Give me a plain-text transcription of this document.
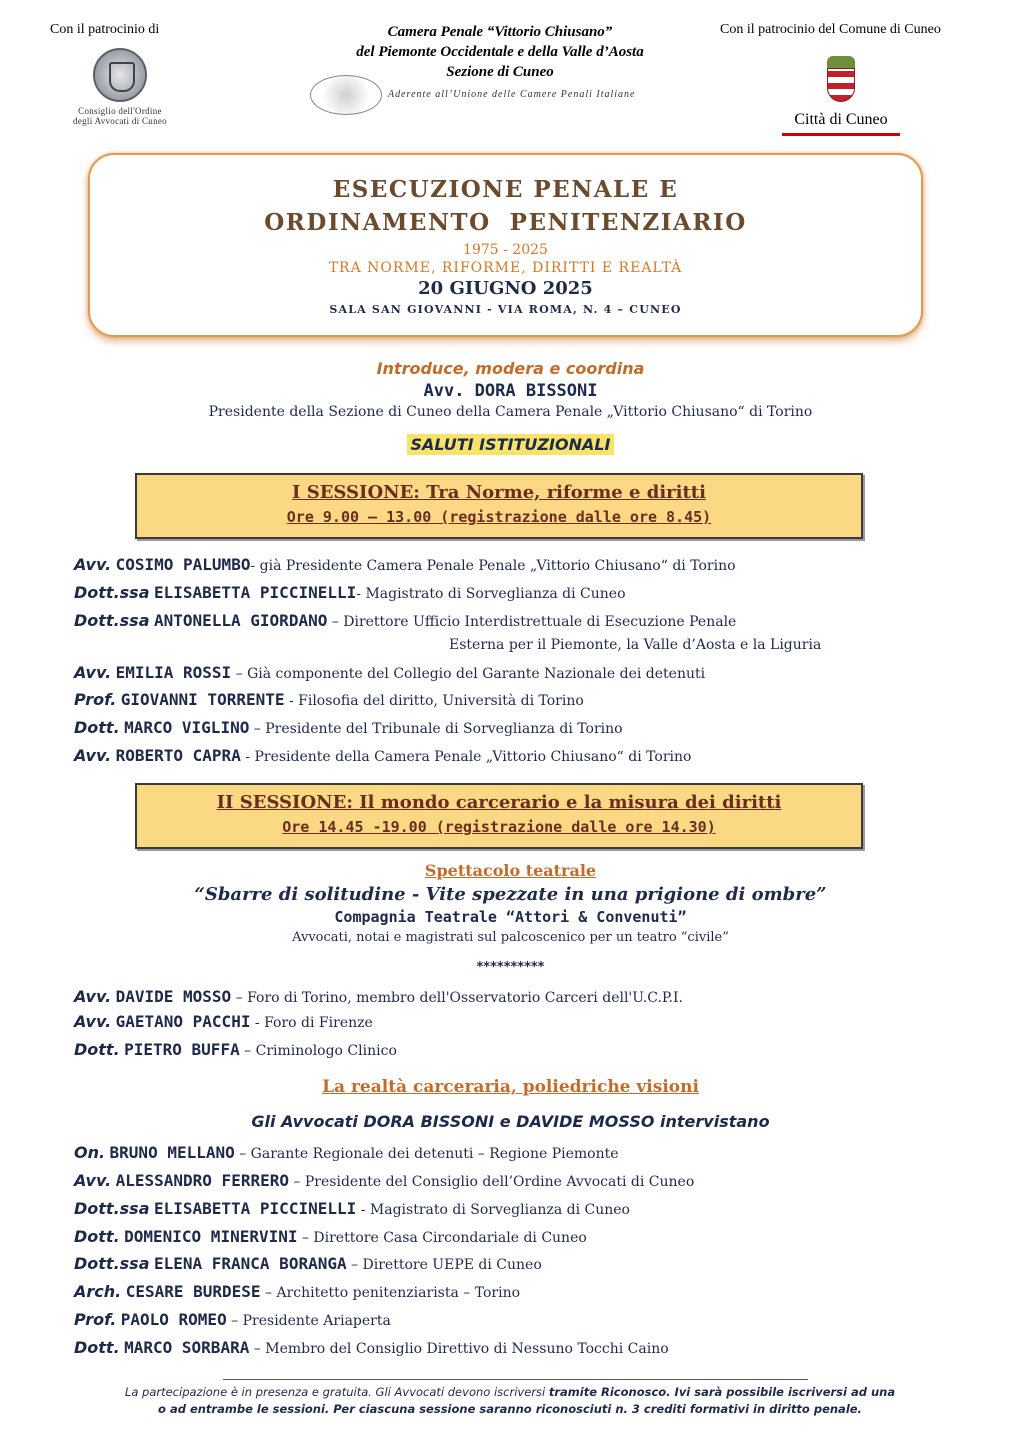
Con il patrocinio di
Consiglio dell'Ordine
degli Avvocati di Cuneo
Camera Penale “Vittorio Chiusano”
del Piemonte Occidentale e della Valle d’Aosta
Sezione di Cuneo
Aderente all’Unione delle Camere Penali Italiane
Con il patrocinio del Comune di Cuneo
Città di Cuneo
ESECUZIONE PENALE E
ORDINAMENTO  PENITENZIARIO
1975 - 2025
TRA NORME, RIFORME, DIRITTI E REALTÀ
20 GIUGNO 2025
SALA SAN GIOVANNI - VIA ROMA, N. 4 – CUNEO
Introduce, modera e coordina
Avv. DORA BISSONI
Presidente della Sezione di Cuneo della Camera Penale „Vittorio Chiusano“ di Torino
SALUTI ISTITUZIONALI
I SESSIONE: Tra Norme, riforme e diritti
Ore 9.00 – 13.00 (registrazione dalle ore 8.45)
Avv. COSIMO PALUMBO- già Presidente Camera Penale Penale „Vittorio Chiusano“ di Torino
Dott.ssa ELISABETTA PICCINELLI- Magistrato di Sorveglianza di Cuneo
Dott.ssa ANTONELLA GIORDANO – Direttore Ufficio Interdistrettuale di Esecuzione Penale
Esterna per il Piemonte, la Valle d’Aosta e la Liguria
Avv. EMILIA ROSSI – Già componente del Collegio del Garante Nazionale dei detenuti
Prof. GIOVANNI TORRENTE - Filosofia del diritto, Università di Torino
Dott. MARCO VIGLINO – Presidente del Tribunale di Sorveglianza di Torino
Avv. ROBERTO CAPRA - Presidente della Camera Penale „Vittorio Chiusano“ di Torino
II SESSIONE: Il mondo carcerario e la misura dei diritti
Ore 14.45 -19.00 (registrazione dalle ore 14.30)
Spettacolo teatrale
“Sbarre di solitudine - Vite spezzate in una prigione di ombre”
Compagnia Teatrale “Attori & Convenuti”
Avvocati, notai e magistrati sul palcoscenico per un teatro “civile”
**********
Avv. DAVIDE MOSSO – Foro di Torino, membro dell'Osservatorio Carceri dell'U.C.P.I.
Avv. GAETANO PACCHI - Foro di Firenze
Dott. PIETRO BUFFA – Criminologo Clinico
La realtà carceraria, poliedriche visioni
Gli Avvocati DORA BISSONI e DAVIDE MOSSO intervistano
On. BRUNO MELLANO – Garante Regionale dei detenuti – Regione Piemonte
Avv. ALESSANDRO FERRERO – Presidente del Consiglio dell’Ordine Avvocati di Cuneo
Dott.ssa ELISABETTA PICCINELLI - Magistrato di Sorveglianza di Cuneo
Dott. DOMENICO MINERVINI – Direttore Casa Circondariale di Cuneo
Dott.ssa ELENA FRANCA BORANGA – Direttore UEPE di Cuneo
Arch. CESARE BURDESE – Architetto penitenziarista – Torino
Prof. PAOLO ROMEO – Presidente Ariaperta
Dott. MARCO SORBARA – Membro del Consiglio Direttivo di Nessuno Tocchi Caino
La partecipazione è in presenza e gratuita. Gli Avvocati devono iscriversi tramite Riconosco. Ivi sarà possibile iscriversi ad una
o ad entrambe le sessioni. Per ciascuna sessione saranno riconosciuti n. 3 crediti formativi in diritto penale.
